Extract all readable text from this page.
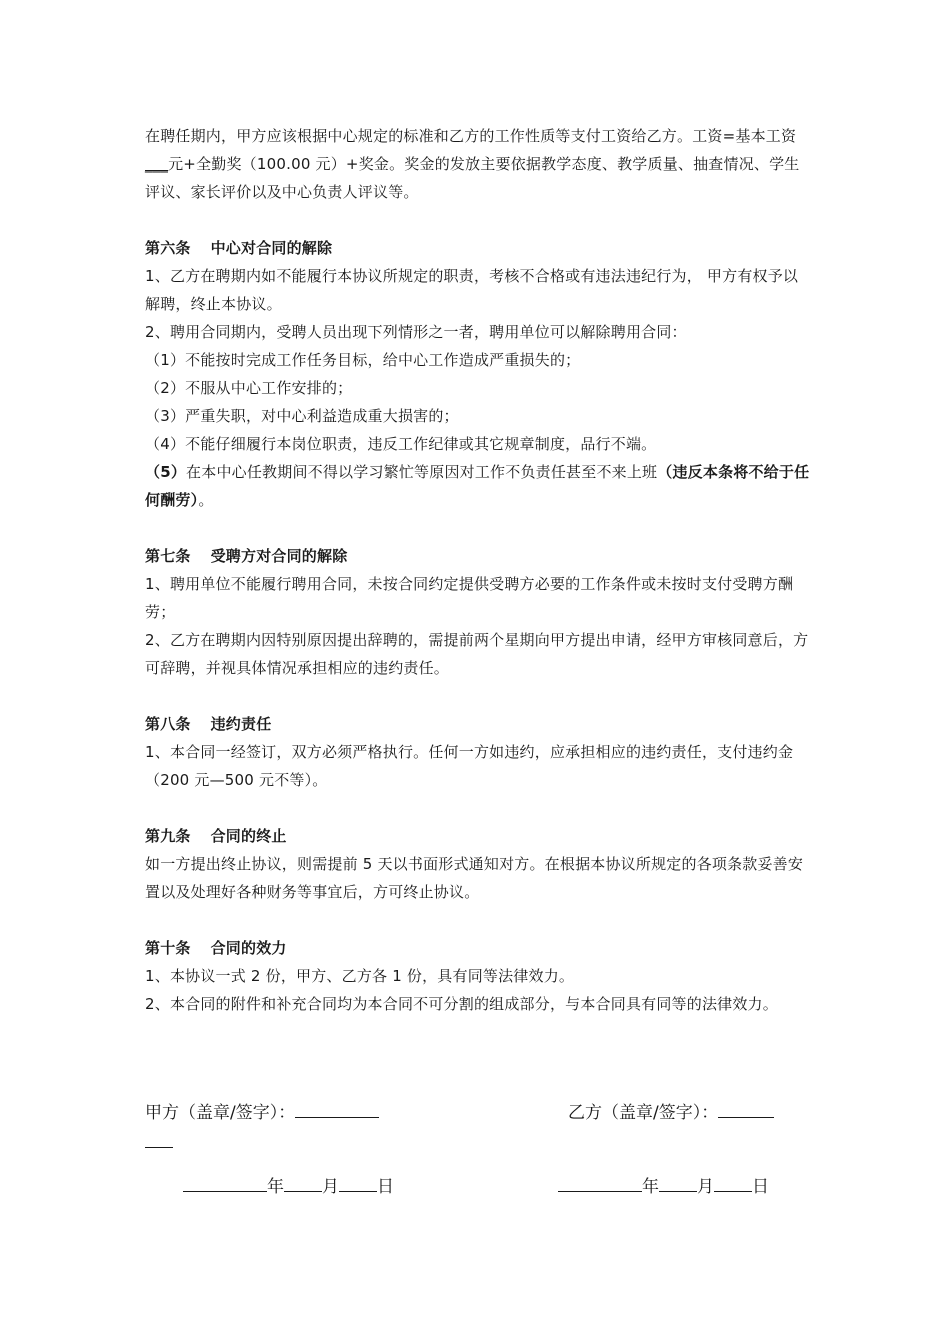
在聘任期内，甲方应该根据中心规定的标准和乙方的工作性质等支付工资给乙方。工资=基本工资___元+全勤奖（100.00 元）+奖金。奖金的发放主要依据教学态度、教学质量、抽查情况、学生评议、家长评价以及中心负责人评议等。

第六条 中心对合同的解除

1、乙方在聘期内如不能履行本协议所规定的职责，考核不合格或有违法违纪行为， 甲方有权予以解聘，终止本协议。

2、聘用合同期内，受聘人员出现下列情形之一者，聘用单位可以解除聘用合同：

（1）不能按时完成工作任务目标，给中心工作造成严重损失的；

（2）不服从中心工作安排的；

（3）严重失职，对中心利益造成重大损害的；

（4）不能仔细履行本岗位职责，违反工作纪律或其它规章制度，品行不端。

（5）在本中心任教期间不得以学习繁忙等原因对工作不负责任甚至不来上班（违反本条将不给于任何酬劳）。

第七条 受聘方对合同的解除

1、聘用单位不能履行聘用合同，未按合同约定提供受聘方必要的工作条件或未按时支付受聘方酬劳；

2、乙方在聘期内因特别原因提出辞聘的，需提前两个星期向甲方提出申请，经甲方审核同意后，方可辞聘，并视具体情况承担相应的违约责任。

第八条 违约责任

1、本合同一经签订，双方必须严格执行。任何一方如违约，应承担相应的违约责任，支付违约金（200 元—500 元不等）。

第九条 合同的终止

如一方提出终止协议，则需提前 5 天以书面形式通知对方。在根据本协议所规定的各项条款妥善安置以及处理好各种财务等事宜后，方可终止协议。

第十条 合同的效力

1、本协议一式 2 份，甲方、乙方各 1 份，具有同等法律效力。

2、本合同的附件和补充合同均为本合同不可分割的组成部分，与本合同具有同等的法律效力。

甲方（盖章/签字）：	乙方（盖章/签字）：
年 月 日	年 月 日
